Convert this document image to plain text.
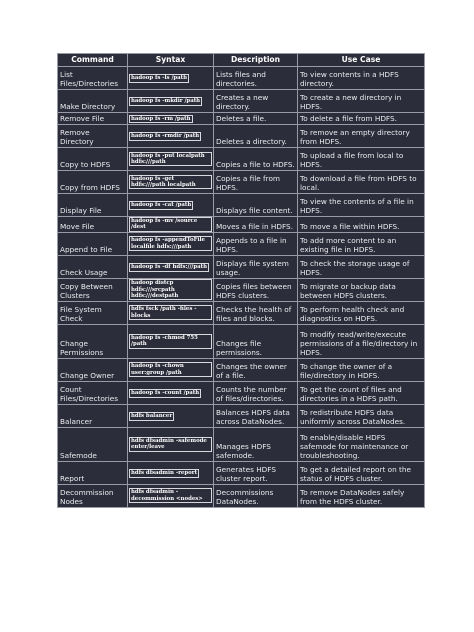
Command	Syntax	Description	Use Case
List Files/Directories	hadoop fs -ls /path	Lists files and directories.	To view contents in a HDFS directory.
Make Directory	hadoop fs -mkdir /path	Creates a new directory.	To create a new directory in HDFS.
Remove File	hadoop fs -rm /path	Deletes a file.	To delete a file from HDFS.
Remove Directory	hadoop fs -rmdir /path	Deletes a directory.	To remove an empty directory from HDFS.
Copy to HDFS	hadoop fs -put localpath hdfs:///path	Copies a file to HDFS.	To upload a file from local to HDFS.
Copy from HDFS	hadoop fs -get hdfs:///path localpath	Copies a file from HDFS.	To download a file from HDFS to local.
Display File	hadoop fs -cat /path	Displays file content.	To view the contents of a file in HDFS.
Move File	hadoop fs -mv /source /dest	Moves a file in HDFS.	To move a file within HDFS.
Append to File	hadoop fs -appendToFile localfile hdfs:///path	Appends to a file in HDFS.	To add more content to an existing file in HDFS.
Check Usage	hadoop fs -df hdfs:///path	Displays file system usage.	To check the storage usage of HDFS.
Copy Between Clusters	hadoop distcp hdfs:///srcpath hdfs:///destpath	Copies files between HDFS clusters.	To migrate or backup data between HDFS clusters.
File System Check	hdfs fsck /path -files -blocks	Checks the health of files and blocks.	To perform health check and diagnostics on HDFS.
Change Permissions	hadoop fs -chmod 755 /path	Changes file permissions.	To modify read/write/execute permissions of a file/directory in HDFS.
Change Owner	hadoop fs -chown user:group /path	Changes the owner of a file.	To change the owner of a file/directory in HDFS.
Count Files/Directories	hadoop fs -count /path	Counts the number of files/directories.	To get the count of files and directories in a HDFS path.
Balancer	hdfs balancer	Balances HDFS data across DataNodes.	To redistribute HDFS data uniformly across DataNodes.
Safemode	hdfs dfsadmin -safemode enter/leave	Manages HDFS safemode.	To enable/disable HDFS safemode for maintenance or troubleshooting.
Report	hdfs dfsadmin -report	Generates HDFS cluster report.	To get a detailed report on the status of HDFS cluster.
Decommission Nodes	hdfs dfsadmin -decommission <nodes>	Decommissions DataNodes.	To remove DataNodes safely from the HDFS cluster.
